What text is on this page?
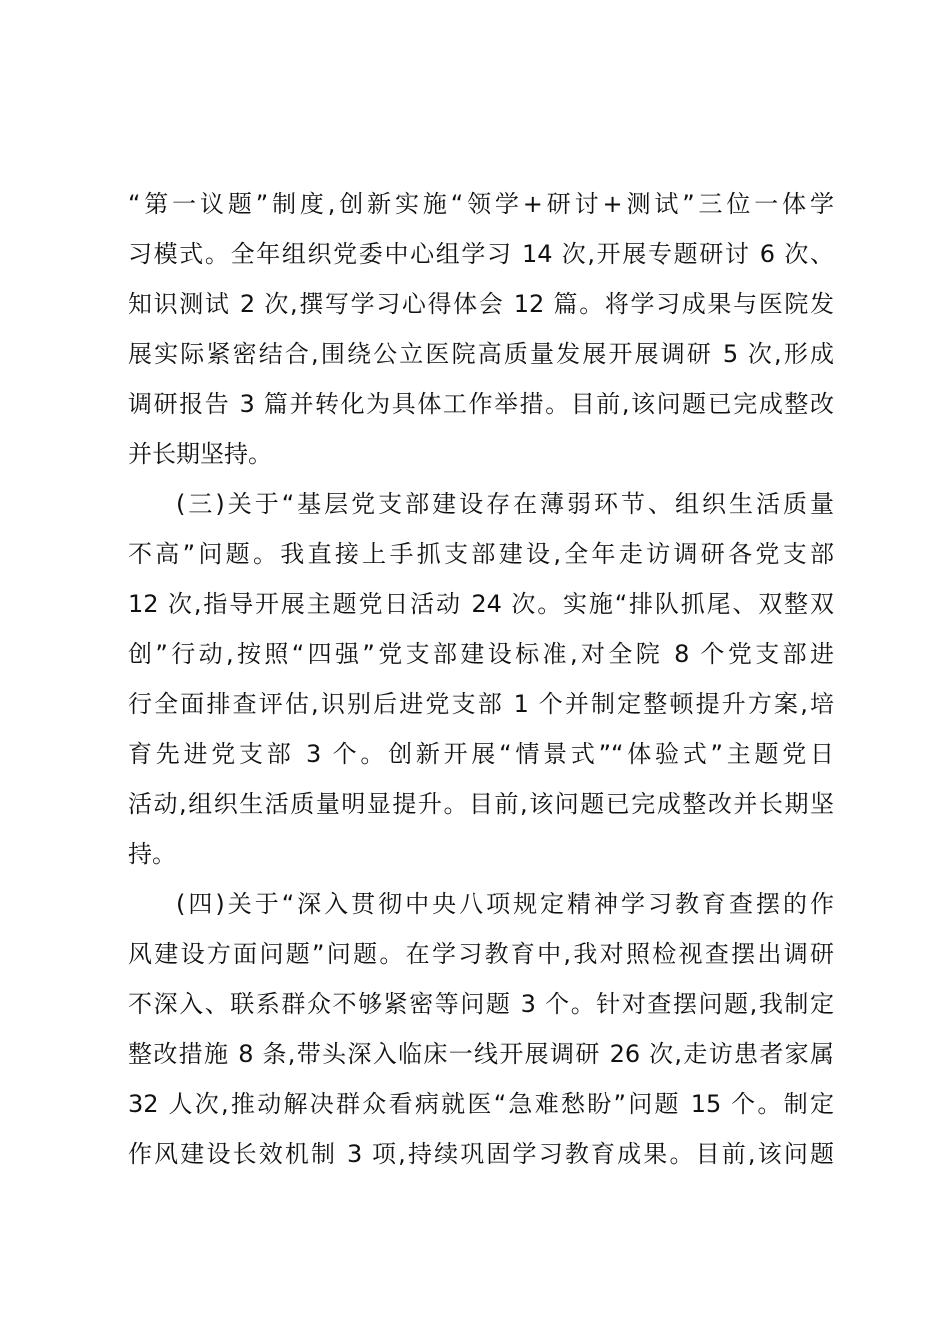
“第一议题”制度,创新实施“领学+研讨+测试”三位一体学
习模式。全年组织党委中心组学习 14 次,开展专题研讨 6 次、
知识测试 2 次,撰写学习心得体会 12 篇。将学习成果与医院发
展实际紧密结合,围绕公立医院高质量发展开展调研 5 次,形成
调研报告 3 篇并转化为具体工作举措。目前,该问题已完成整改
并长期坚持。
(三)关于“基层党支部建设存在薄弱环节、组织生活质量
不高”问题。我直接上手抓支部建设,全年走访调研各党支部
12 次,指导开展主题党日活动 24 次。实施“排队抓尾、双整双
创”行动,按照“四强”党支部建设标准,对全院 8 个党支部进
行全面排查评估,识别后进党支部 1 个并制定整顿提升方案,培
育先进党支部 3 个。创新开展“情景式”“体验式”主题党日
活动,组织生活质量明显提升。目前,该问题已完成整改并长期坚
持。
(四)关于“深入贯彻中央八项规定精神学习教育查摆的作
风建设方面问题”问题。在学习教育中,我对照检视查摆出调研
不深入、联系群众不够紧密等问题 3 个。针对查摆问题,我制定
整改措施 8 条,带头深入临床一线开展调研 26 次,走访患者家属
32 人次,推动解决群众看病就医“急难愁盼”问题 15 个。制定
作风建设长效机制 3 项,持续巩固学习教育成果。目前,该问题
